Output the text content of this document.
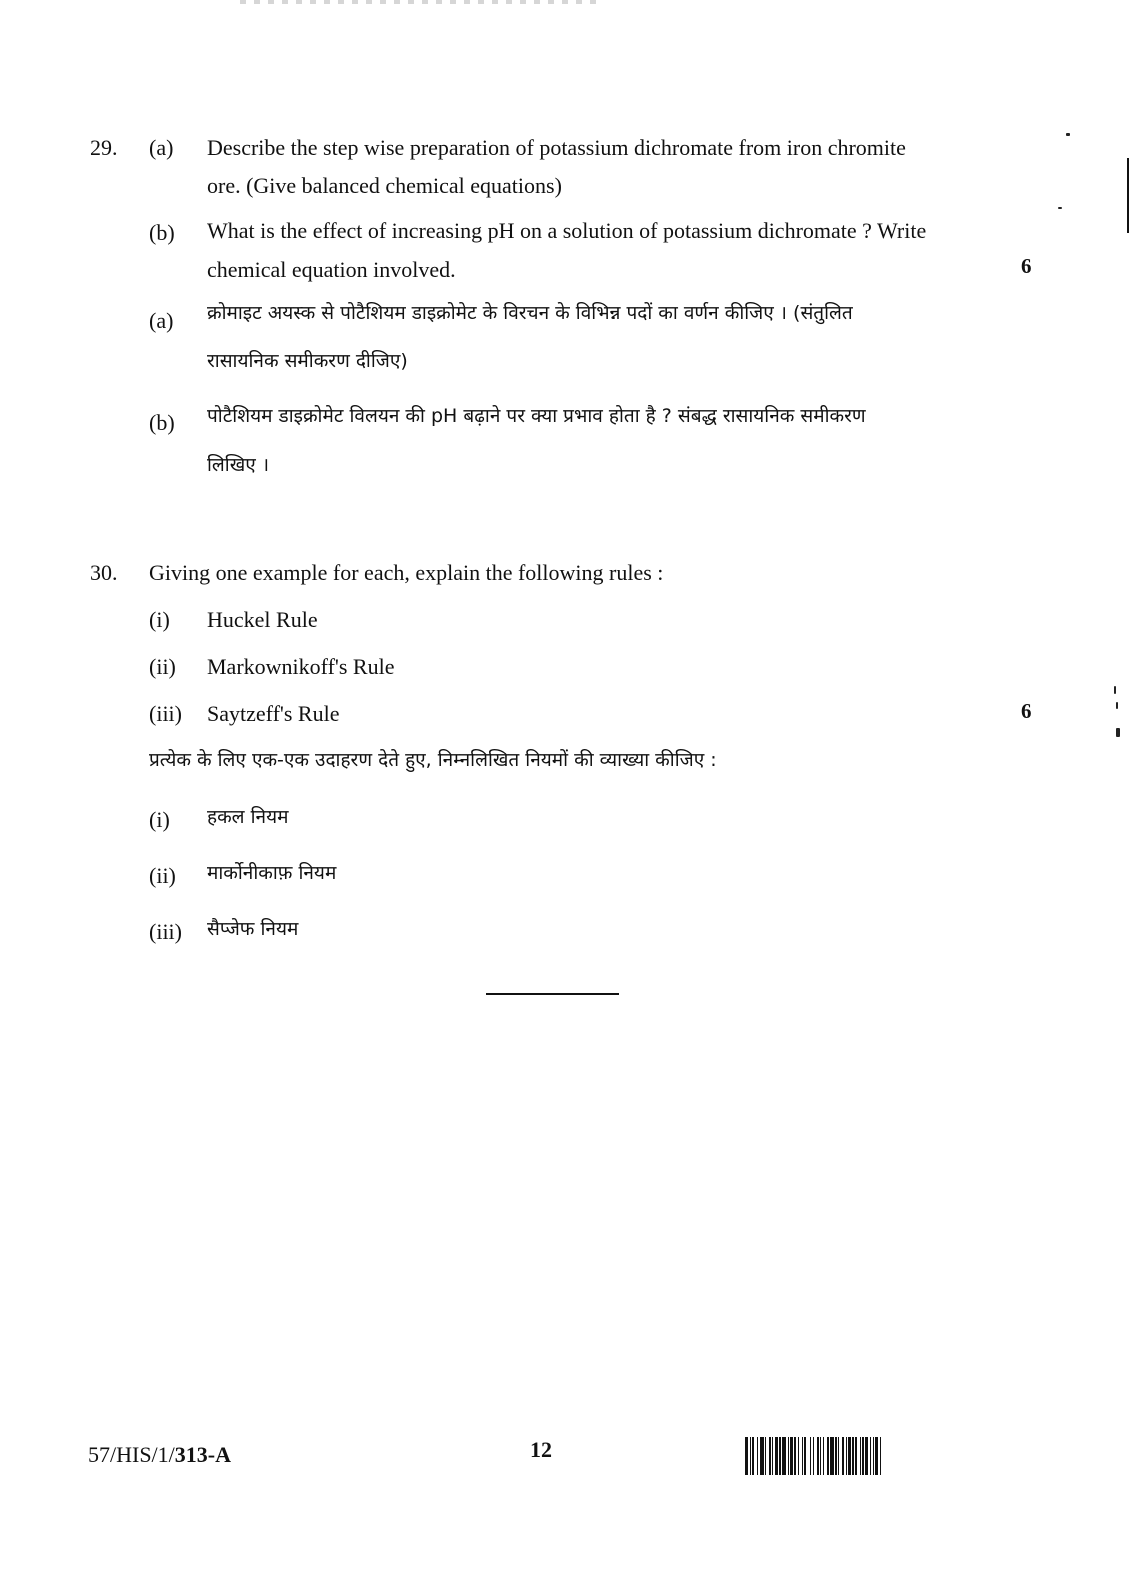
29. (a) Describe the step wise preparation of potassium dichromate from iron chromite
ore. (Give balanced chemical equations)
(b) What is the effect of increasing pH on a solution of potassium dichromate ? Write
chemical equation involved.	6
(a) क्रोमाइट अयस्क से पोटैशियम डाइक्रोमेट के विरचन के विभिन्न पदों का वर्णन कीजिए । (संतुलित
रासायनिक समीकरण दीजिए)
(b) पोटैशियम डाइक्रोमेट विलयन की pH बढ़ाने पर क्या प्रभाव होता है ? संबद्ध रासायनिक समीकरण
लिखिए ।
30. Giving one example for each, explain the following rules :
(i) Huckel Rule
(ii) Markownikoff's Rule
(iii) Saytzeff's Rule	6
प्रत्येक के लिए एक-एक उदाहरण देते हुए, निम्नलिखित नियमों की व्याख्या कीजिए :
(i) हकल नियम
(ii) मार्कोनीकाफ़ नियम
(iii) सैप्जेफ नियम
57/HIS/1/313-A	12
